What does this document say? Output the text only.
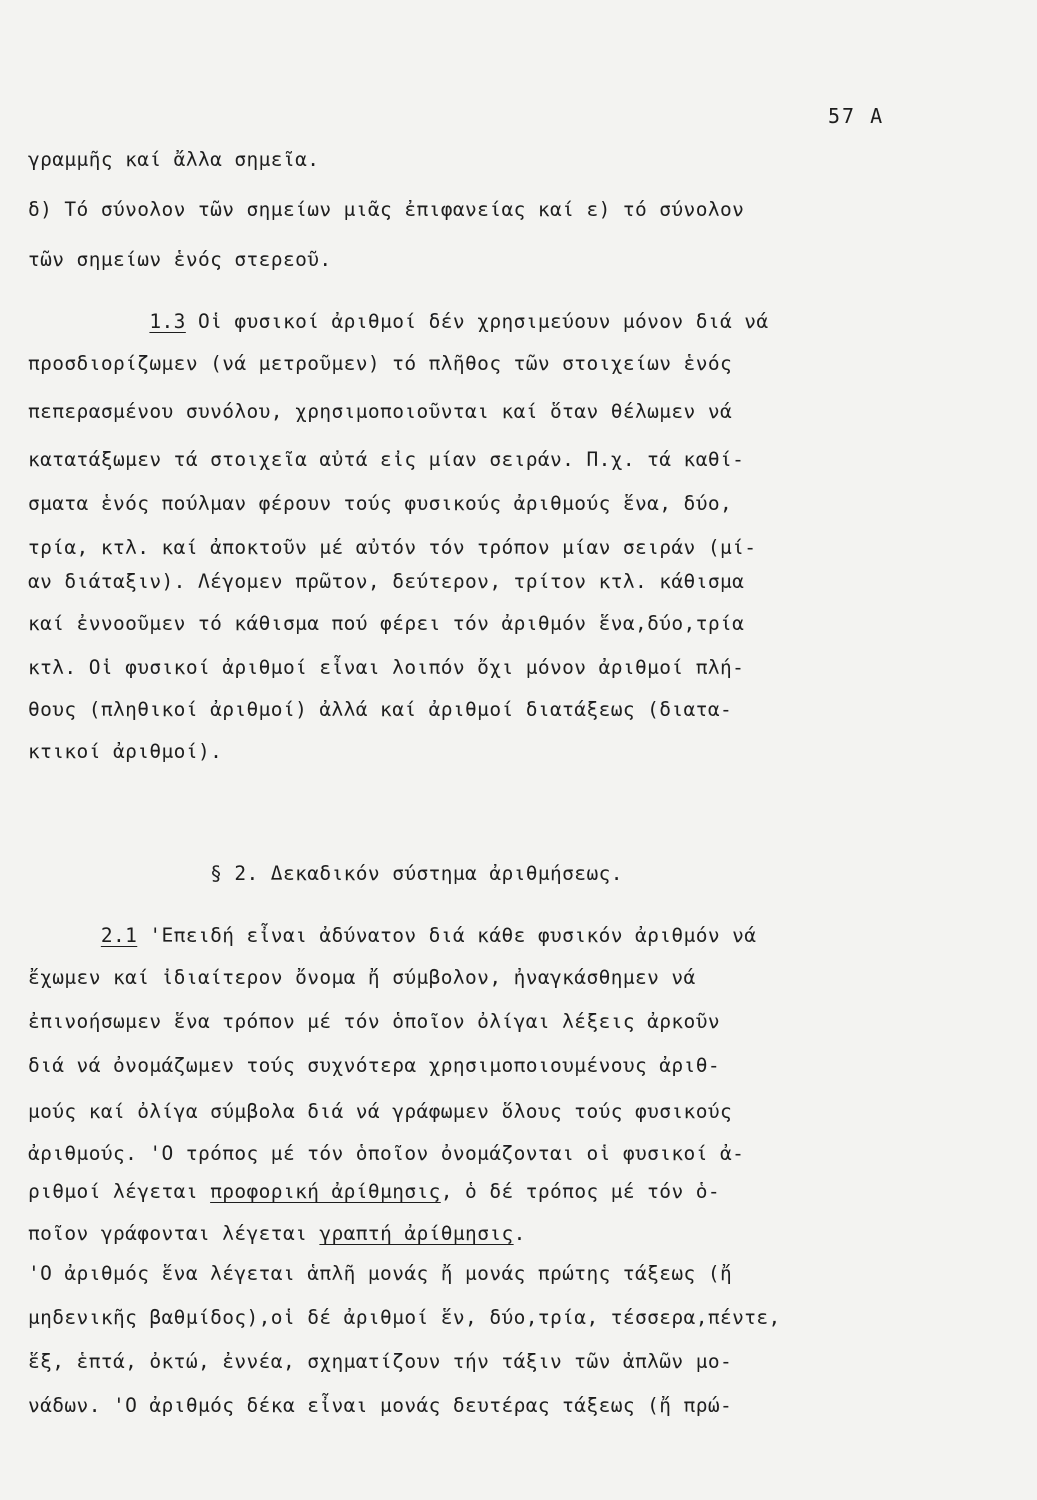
57 A
γραμμῆς καί ἄλλα σημεῖα.
δ) Τό σύνολον τῶν σημείων μιᾶς ἐπιφανείας καί ε) τό σύνολον
τῶν σημείων ἑνός στερεοῦ.
1.3 Οἱ φυσικοί ἀριθμοί δέν χρησιμεύουν μόνον διά νά
προσδιορίζωμεν (νά μετροῦμεν) τό πλῆθος τῶν στοιχείων ἑνός
πεπερασμένου συνόλου, χρησιμοποιοῦνται καί ὅταν θέλωμεν νά
κατατάξωμεν τά στοιχεῖα αὐτά εἰς μίαν σειράν. Π.χ. τά καθί-
σματα ἑνός πούλμαν φέρουν τούς φυσικούς ἀριθμούς ἕνα, δύο,
τρία, κτλ. καί ἀποκτοῦν μέ αὐτόν τόν τρόπον μίαν σειράν (μί-
αν διάταξιν). Λέγομεν πρῶτον, δεύτερον, τρίτον κτλ. κάθισμα
καί ἐννοοῦμεν τό κάθισμα πού φέρει τόν ἀριθμόν ἕνα,δύο,τρία
κτλ. Οἱ φυσικοί ἀριθμοί εἶναι λοιπόν ὄχι μόνον ἀριθμοί πλή-
θους (πληθικοί ἀριθμοί) ἀλλά καί ἀριθμοί διατάξεως (διατα-
κτικοί ἀριθμοί).
§ 2. Δεκαδικόν σύστημα ἀριθμήσεως.
2.1 'Επειδή εἶναι ἀδύνατον διά κάθε φυσικόν ἀριθμόν νά
ἔχωμεν καί ἰδιαίτερον ὄνομα ἤ σύμβολον, ἠναγκάσθημεν νά
ἐπινοήσωμεν ἕνα τρόπον μέ τόν ὁποῖον ὀλίγαι λέξεις ἀρκοῦν
διά νά ὀνομάζωμεν τούς συχνότερα χρησιμοποιουμένους ἀριθ-
μούς καί ὀλίγα σύμβολα διά νά γράφωμεν ὅλους τούς φυσικούς
ἀριθμούς. 'Ο τρόπος μέ τόν ὁποῖον ὀνομάζονται οἱ φυσικοί ἀ-
ριθμοί λέγεται προφορική ἀρίθμησις, ὁ δέ τρόπος μέ τόν ὁ-
ποῖον γράφονται λέγεται γραπτή ἀρίθμησις.
'Ο ἀριθμός ἕνα λέγεται ἁπλῆ μονάς ἤ μονάς πρώτης τάξεως (ἤ
μηδενικῆς βαθμίδος),οἱ δέ ἀριθμοί ἕν, δύο,τρία, τέσσερα,πέντε,
ἕξ, ἑπτά, ὀκτώ, ἐννέα, σχηματίζουν τήν τάξιν τῶν ἁπλῶν μο-
νάδων. 'Ο ἀριθμός δέκα εἶναι μονάς δευτέρας τάξεως (ἤ πρώ-
